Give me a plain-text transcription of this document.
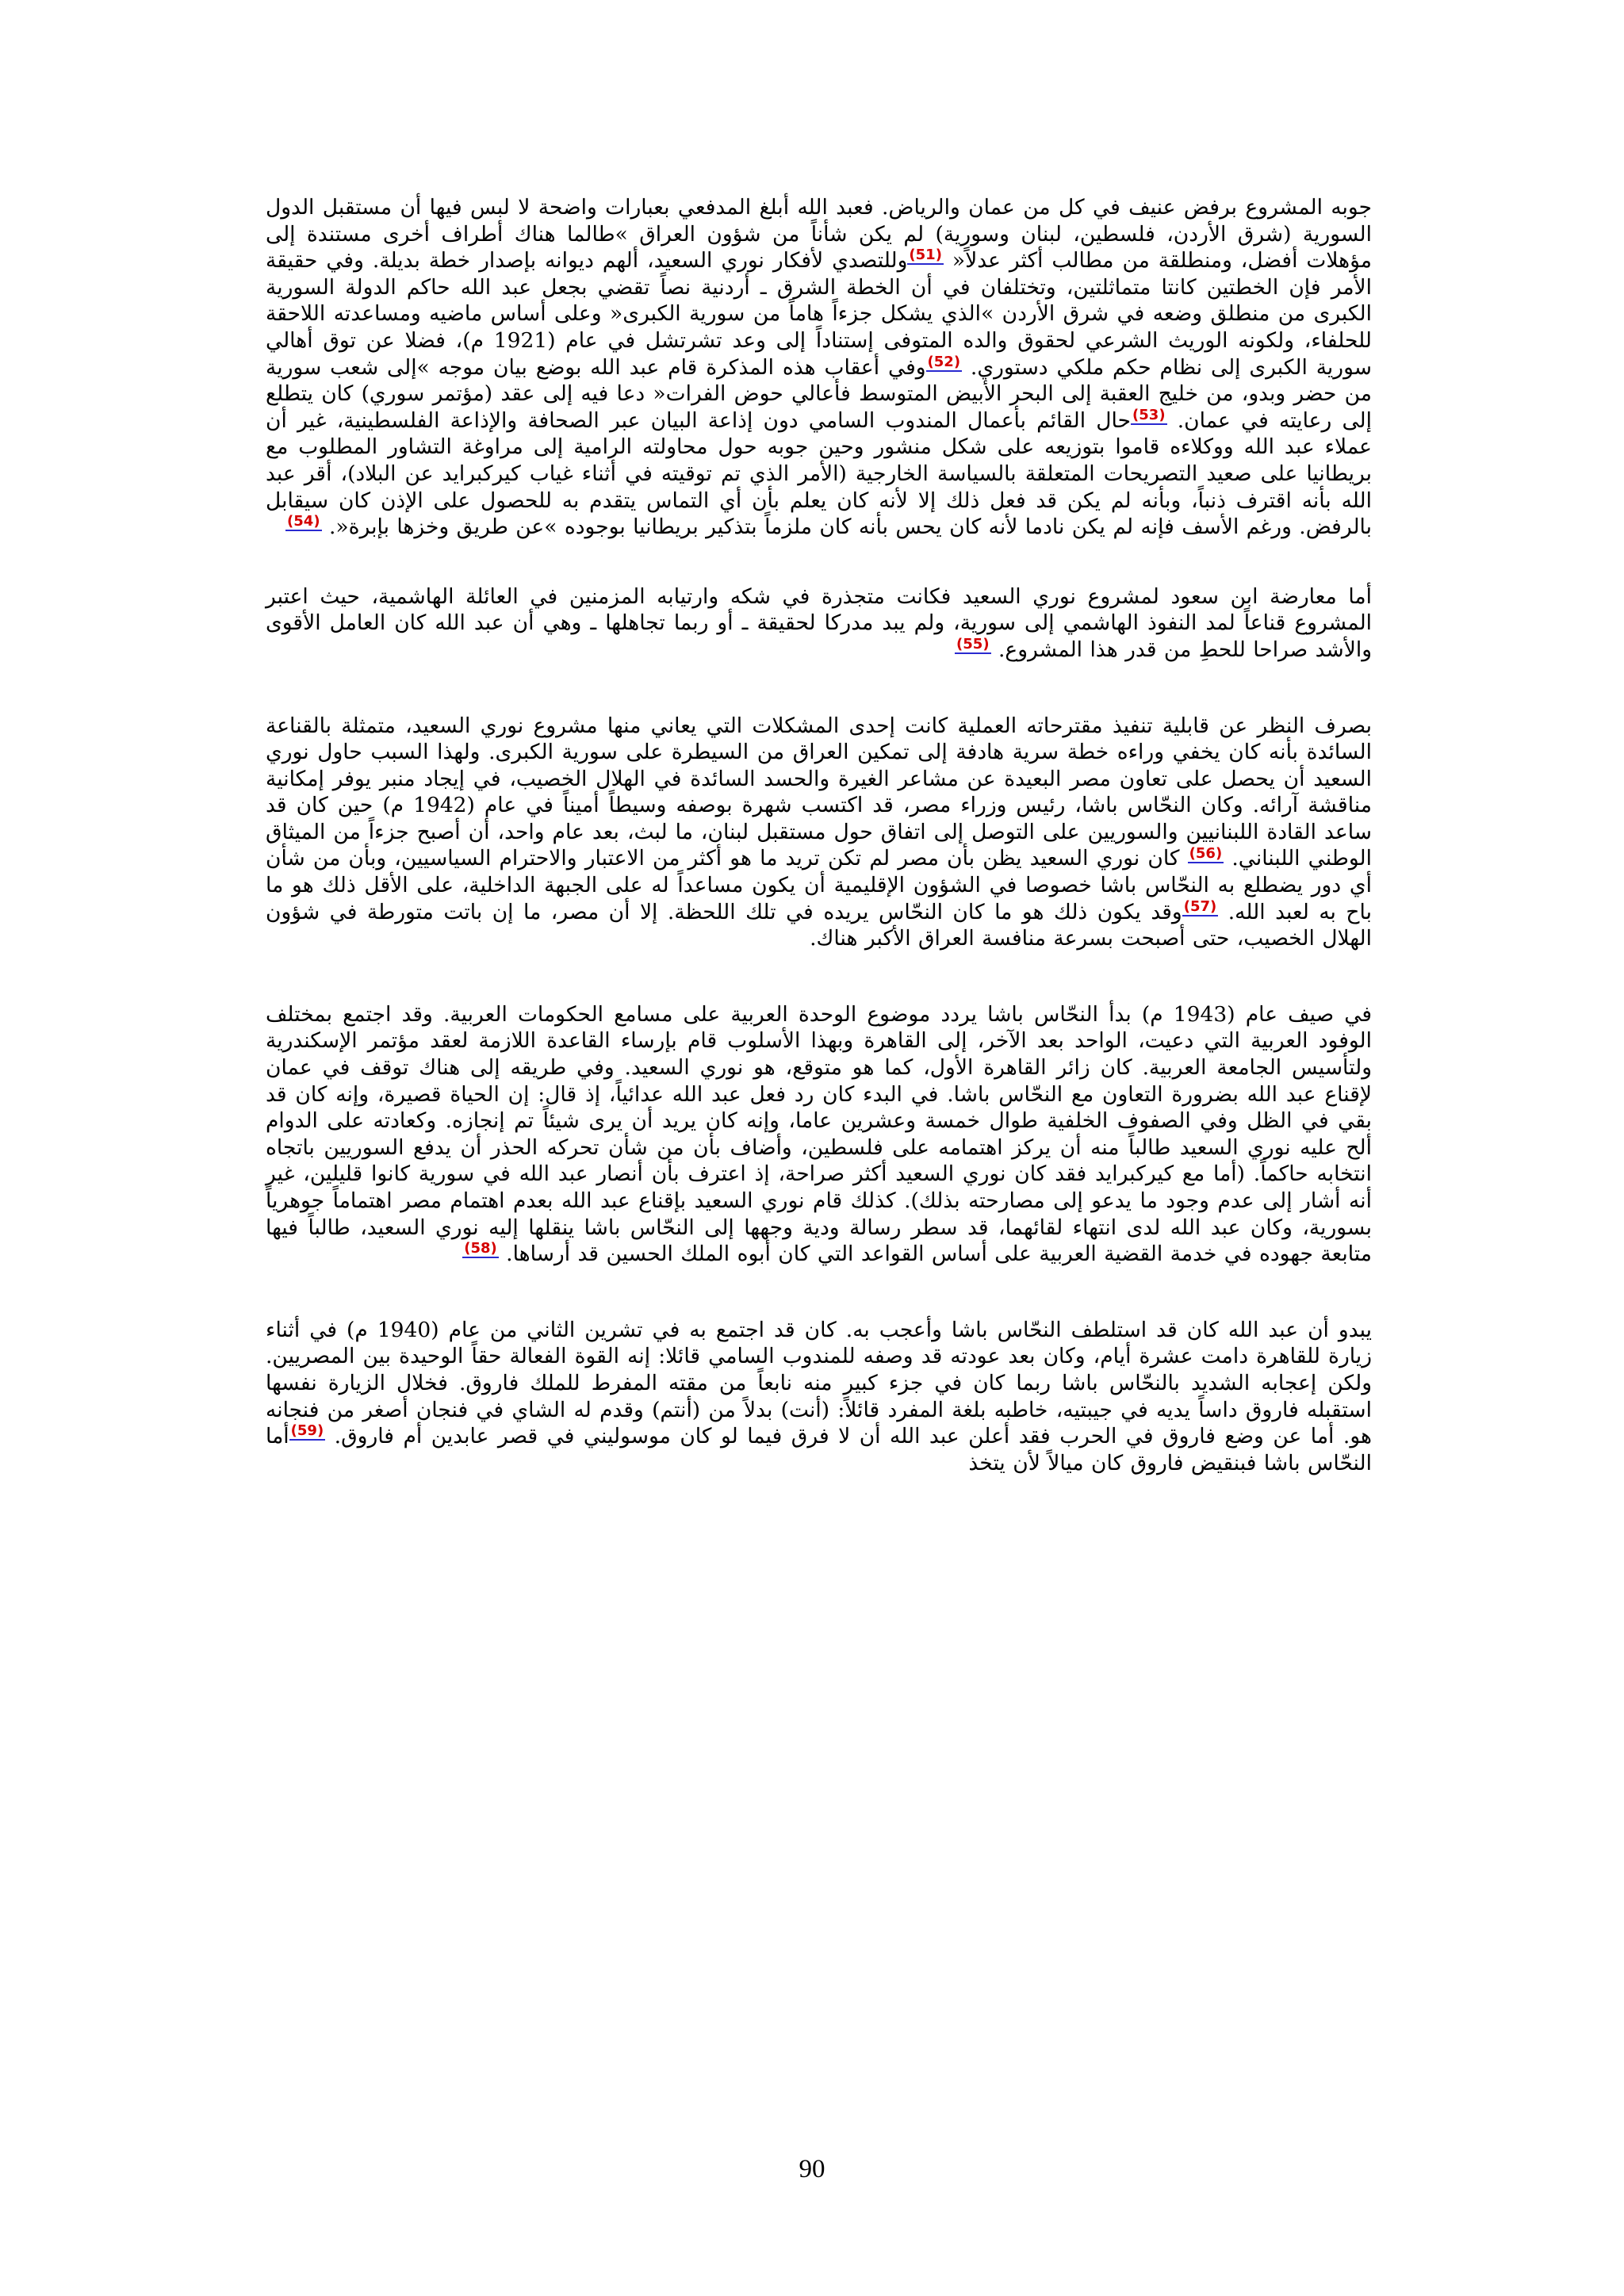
جوبه المشروع برفض عنيف في كل من عمان والرياض. فعبد الله أبلغ المدفعي بعبارات واضحة لا لبس فيها أن مستقبل الدول السورية (شرق الأردن، فلسطين، لبنان وسورية) لم يكن شأناً من شؤون العراق »طالما هناك أطراف أخرى مستندة إلى مؤهلات أفضل، ومنطلقة من مطالب أكثر عدلاً« $^{(51)}$وللتصدي لأفكار نوري السعيد، ألهم ديوانه بإصدار خطة بديلة. وفي حقيقة الأمر فإن الخطتين كانتا متماثلتين، وتختلفان في أن الخطة الشرق ـ أردنية نصاً تقضي بجعل عبد الله حاكم الدولة السورية الكبرى من منطلق وضعه في شرق الأردن »الذي يشكل جزءاً هاماً من سورية الكبرى« وعلى أساس ماضيه ومساعدته اللاحقة للحلفاء، ولكونه الوريث الشرعي لحقوق والده المتوفى إستناداً إلى وعد تشرتشل في عام (1921 م)، فضلا عن توق أهالي سورية الكبرى إلى نظام حكم ملكي دستوري. $^{(52)}$وفي أعقاب هذه المذكرة قام عبد الله بوضع بيان موجه »إلى شعب سورية من حضر وبدو، من خليج العقبة إلى البحر الأبيض المتوسط فأعالي حوض الفرات« دعا فيه إلى عقد (مؤتمر سوري) كان يتطلع إلى رعايته في عمان. $^{(53)}$حال القائم بأعمال المندوب السامي دون إذاعة البيان عبر الصحافة والإذاعة الفلسطينية، غير أن عملاء عبد الله ووكلاءه قاموا بتوزيعه على شكل منشور وحين جوبه حول محاولته الرامية إلى مراوغة التشاور المطلوب مع بريطانيا على صعيد التصريحات المتعلقة بالسياسة الخارجية (الأمر الذي تم توقيته في أثناء غياب كيركبرايد عن البلاد)، أقر عبد الله بأنه اقترف ذنباً، وبأنه لم يكن قد فعل ذلك إلا لأنه كان يعلم بأن أي التماس يتقدم به للحصول على الإذن كان سيقابل بالرفض. ورغم الأسف فإنه لم يكن نادما لأنه كان يحس بأنه كان ملزماً بتذكير بريطانيا بوجوده »عن طريق وخزها بإبرة«. $^{(54)}$

أما معارضة ابن سعود لمشروع نوري السعيد فكانت متجذرة في شكه وارتيابه المزمنين في العائلة الهاشمية، حيث اعتبر المشروع قناعاً لمد النفوذ الهاشمي إلى سورية، ولم يبد مدركا لحقيقة ـ أو ربما تجاهلها ـ وهي أن عبد الله كان العامل الأقوى والأشد صراحا للحطِ من قدر هذا المشروع. $^{(55)}$

بصرف النظر عن قابلية تنفيذ مقترحاته العملية كانت إحدى المشكلات التي يعاني منها مشروع نوري السعيد، متمثلة بالقناعة السائدة بأنه كان يخفي وراءه خطة سرية هادفة إلى تمكين العراق من السيطرة على سورية الكبرى. ولهذا السبب حاول نوري السعيد أن يحصل على تعاون مصر البعيدة عن مشاعر الغيرة والحسد السائدة في الهلال الخصيب، في إيجاد منبر يوفر إمكانية مناقشة آرائه. وكان النحّاس باشا، رئيس وزراء مصر، قد اكتسب شهرة بوصفه وسيطاً أميناً في عام (1942 م) حين كان قد ساعد القادة اللبنانيين والسوريين على التوصل إلى اتفاق حول مستقبل لبنان، ما لبث، بعد عام واحد، أن أصبح جزءاً من الميثاق الوطني اللبناني. $^{(56)}$ كان نوري السعيد يظن بأن مصر لم تكن تريد ما هو أكثر من الاعتبار والاحترام السياسيين، وبأن من شأن أي دور يضطلع به النحّاس باشا خصوصا في الشؤون الإقليمية أن يكون مساعداً له على الجبهة الداخلية، على الأقل ذلك هو ما باح به لعبد الله. $^{(57)}$وقد يكون ذلك هو ما كان النحّاس يريده في تلك اللحظة. إلا أن مصر، ما إن باتت متورطة في شؤون الهلال الخصيب، حتى أصبحت بسرعة منافسة العراق الأكبر هناك.

في صيف عام (1943 م) بدأ النحّاس باشا يردد موضوع الوحدة العربية على مسامع الحكومات العربية. وقد اجتمع بمختلف الوفود العربية التي دعيت، الواحد بعد الآخر، إلى القاهرة وبهذا الأسلوب قام بإرساء القاعدة اللازمة لعقد مؤتمر الإسكندرية ولتأسيس الجامعة العربية. كان زائر القاهرة الأول، كما هو متوقع، هو نوري السعيد. وفي طريقه إلى هناك توقف في عمان لإقناع عبد الله بضرورة التعاون مع النحّاس باشا. في البدء كان رد فعل عبد الله عدائياً، إذ قال: إن الحياة قصيرة، وإنه كان قد بقي في الظل وفي الصفوف الخلفية طوال خمسة وعشرين عاما، وإنه كان يريد أن يرى شيئاً تم إنجازه. وكعادته على الدوام ألح عليه نوري السعيد طالباً منه أن يركز اهتمامه على فلسطين، وأضاف بأن من شأن تحركه الحذر أن يدفع السوريين باتجاه انتخابه حاكماً. (أما مع كيركبرايد فقد كان نوري السعيد أكثر صراحة، إذ اعترف بأن أنصار عبد الله في سورية كانوا قليلين، غير أنه أشار إلى عدم وجود ما يدعو إلى مصارحته بذلك). كذلك قام نوري السعيد بإقناع عبد الله بعدم اهتمام مصر اهتماماً جوهرياً بسورية، وكان عبد الله لدى انتهاء لقائهما، قد سطر رسالة ودية وجهها إلى النحّاس باشا ينقلها إليه نوري السعيد، طالباً فيها متابعة جهوده في خدمة القضية العربية على أساس القواعد التي كان أبوه الملك الحسين قد أرساها. $^{(58)}$

يبدو أن عبد الله كان قد استلطف النحّاس باشا وأعجب به. كان قد اجتمع به في تشرين الثاني من عام (1940 م) في أثناء زيارة للقاهرة دامت عشرة أيام، وكان بعد عودته قد وصفه للمندوب السامي قائلا: إنه القوة الفعالة حقاً الوحيدة بين المصريين. ولكن إعجابه الشديد بالنحّاس باشا ربما كان في جزء كبير منه نابعاً من مقته المفرط للملك فاروق. فخلال الزيارة نفسها استقبله فاروق داساً يديه في جيبتيه، خاطبه بلغة المفرد قائلاً: (أنت) بدلاً من (أنتم) وقدم له الشاي في فنجان أصغر من فنجانه هو. أما عن وضع فاروق في الحرب فقد أعلن عبد الله أن لا فرق فيما لو كان موسوليني في قصر عابدين أم فاروق. $^{(59)}$أما النحّاس باشا فبنقيض فاروق كان ميالاً لأن يتخذ

90
